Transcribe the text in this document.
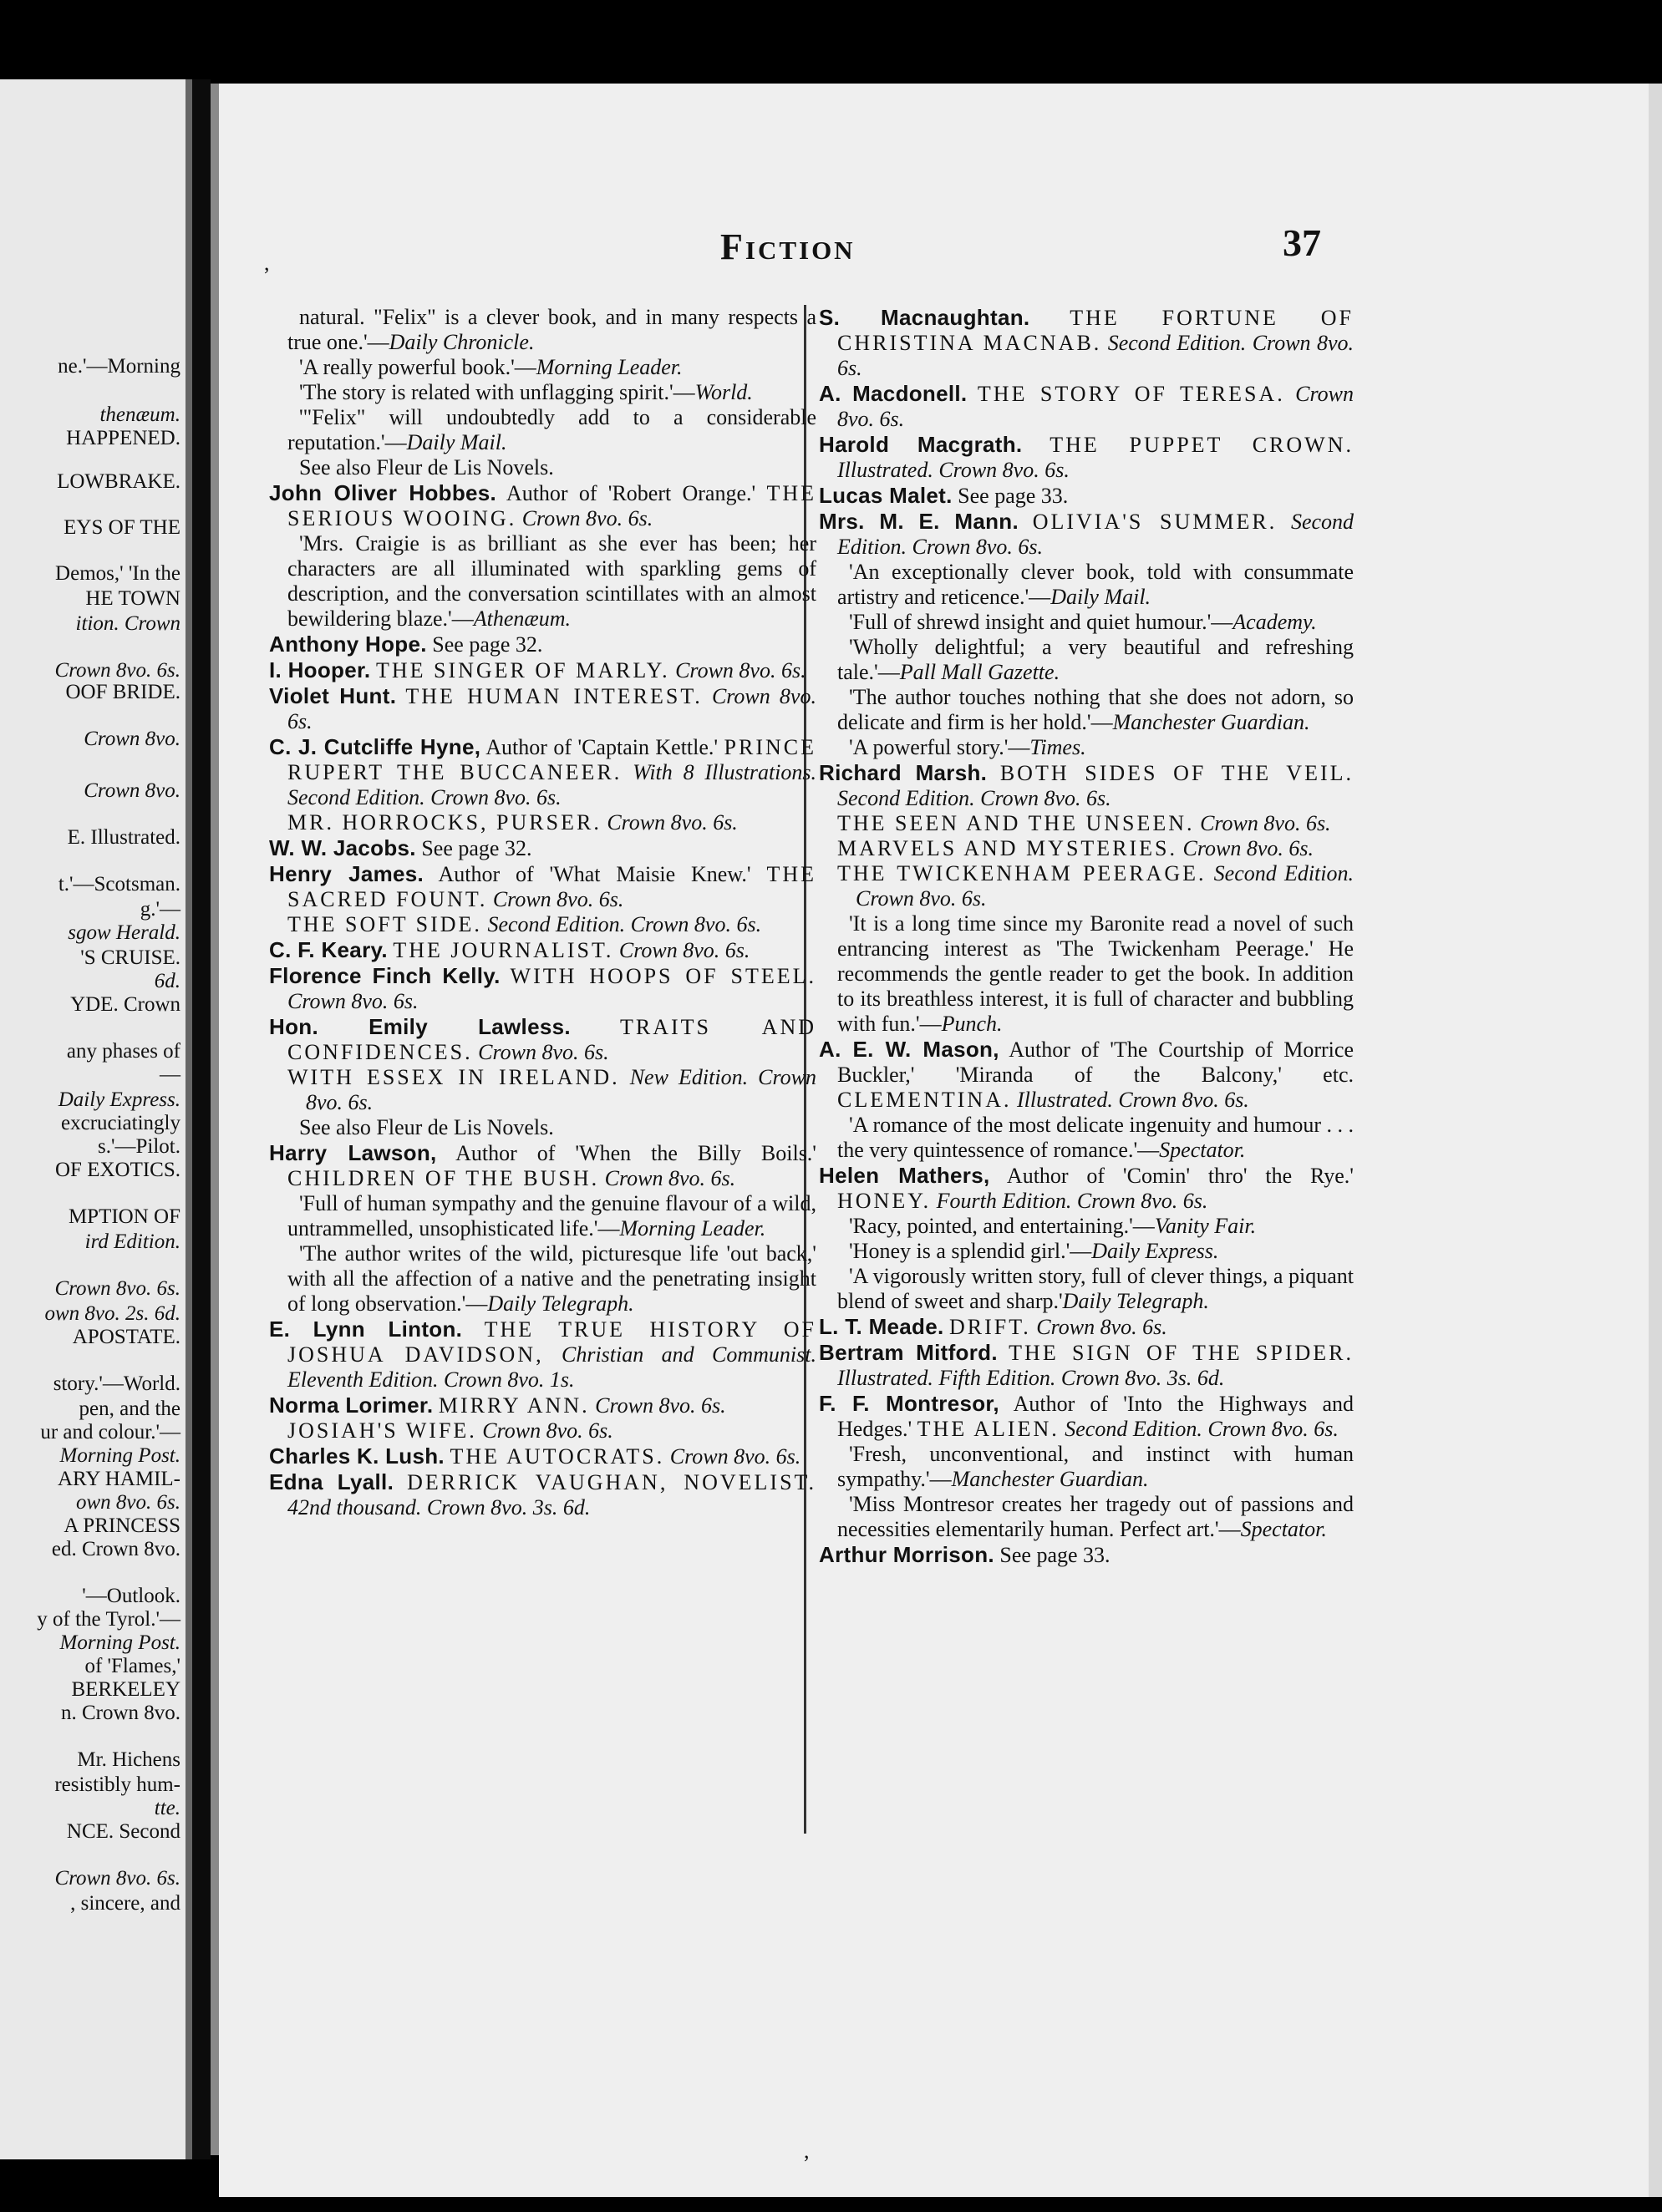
ne.'—Morning
thenæum.
HAPPENED.
LOWBRAKE.
EYS OF THE
Demos,' 'In the
HE TOWN
ition. Crown
Crown 8vo. 6s.
OOF BRIDE.
Crown 8vo.
Crown 8vo.
E. Illustrated.
t.'—Scotsman.
g.'—
sgow Herald.
'S CRUISE.
6d.
YDE. Crown
any phases of
—
Daily Express.
excruciatingly
s.'—Pilot.
OF EXOTICS.
MPTION OF
ird Edition.
Crown 8vo. 6s.
own 8vo. 2s. 6d.
APOSTATE.
story.'—World.
pen, and the
ur and colour.'—
Morning Post.
ARY HAMIL-
own 8vo. 6s.
A PRINCESS
ed. Crown 8vo.
'—Outlook.
y of the Tyrol.'—
Morning Post.
of 'Flames,'
BERKELEY
n. Crown 8vo.
Mr. Hichens
resistibly hum-
tte.
NCE. Second
Crown 8vo. 6s.
, sincere, and
Fiction	37
,
,

natural. "Felix" is a clever book, and in many respects a true one.'—Daily Chronicle.

'A really powerful book.'—Morning Leader.

'The story is related with unflagging spirit.'—World.

'"Felix" will undoubtedly add to a considerable reputation.'—Daily Mail.

See also Fleur de Lis Novels.

John Oliver Hobbes. Author of 'Robert Orange.' THE SERIOUS WOOING. Crown 8vo. 6s.

'Mrs. Craigie is as brilliant as she ever has been; her characters are all illuminated with sparkling gems of description, and the conversation scintillates with an almost bewildering blaze.'—Athenæum.

Anthony Hope. See page 32.

I. Hooper. THE SINGER OF MARLY. Crown 8vo. 6s.

Violet Hunt. THE HUMAN INTEREST. Crown 8vo. 6s.

C. J. Cutcliffe Hyne, Author of 'Captain Kettle.' PRINCE RUPERT THE BUCCANEER. With 8 Illustrations. Second Edition. Crown 8vo. 6s.

MR. HORROCKS, PURSER. Crown 8vo. 6s.

W. W. Jacobs. See page 32.

Henry James. Author of 'What Maisie Knew.' THE SACRED FOUNT. Crown 8vo. 6s.

THE SOFT SIDE. Second Edition. Crown 8vo. 6s.

C. F. Keary. THE JOURNALIST. Crown 8vo. 6s.

Florence Finch Kelly. WITH HOOPS OF STEEL. Crown 8vo. 6s.

Hon. Emily Lawless. TRAITS AND CONFIDENCES. Crown 8vo. 6s.

WITH ESSEX IN IRELAND. New Edition. Crown 8vo. 6s.

See also Fleur de Lis Novels.

Harry Lawson, Author of 'When the Billy Boils.' CHILDREN OF THE BUSH. Crown 8vo. 6s.

'Full of human sympathy and the genuine flavour of a wild, untrammelled, unsophisticated life.'—Morning Leader.

'The author writes of the wild, picturesque life 'out back,' with all the affection of a native and the penetrating insight of long observation.'—Daily Telegraph.

E. Lynn Linton. THE TRUE HISTORY OF JOSHUA DAVIDSON, Christian and Communist. Eleventh Edition. Crown 8vo. 1s.

Norma Lorimer. MIRRY ANN. Crown 8vo. 6s.

JOSIAH'S WIFE. Crown 8vo. 6s.

Charles K. Lush. THE AUTOCRATS. Crown 8vo. 6s.

Edna Lyall. DERRICK VAUGHAN, NOVELIST. 42nd thousand. Crown 8vo. 3s. 6d.

S. Macnaughtan. THE FORTUNE OF CHRISTINA MACNAB. Second Edition. Crown 8vo. 6s.

A. Macdonell. THE STORY OF TERESA. Crown 8vo. 6s.

Harold Macgrath. THE PUPPET CROWN. Illustrated. Crown 8vo. 6s.

Lucas Malet. See page 33.

Mrs. M. E. Mann. OLIVIA'S SUMMER. Second Edition. Crown 8vo. 6s.

'An exceptionally clever book, told with consummate artistry and reticence.'—Daily Mail.

'Full of shrewd insight and quiet humour.'—Academy.

'Wholly delightful; a very beautiful and refreshing tale.'—Pall Mall Gazette.

'The author touches nothing that she does not adorn, so delicate and firm is her hold.'—Manchester Guardian.

'A powerful story.'—Times.

Richard Marsh. BOTH SIDES OF THE VEIL. Second Edition. Crown 8vo. 6s.

THE SEEN AND THE UNSEEN. Crown 8vo. 6s.

MARVELS AND MYSTERIES. Crown 8vo. 6s.

THE TWICKENHAM PEERAGE. Second Edition. Crown 8vo. 6s.

'It is a long time since my Baronite read a novel of such entrancing interest as 'The Twickenham Peerage.' He recommends the gentle reader to get the book. In addition to its breathless interest, it is full of character and bubbling with fun.'—Punch.

A. E. W. Mason, Author of 'The Courtship of Morrice Buckler,' 'Miranda of the Balcony,' etc. CLEMENTINA. Illustrated. Crown 8vo. 6s.

'A romance of the most delicate ingenuity and humour . . . the very quintessence of romance.'—Spectator.

Helen Mathers, Author of 'Comin' thro' the Rye.' HONEY. Fourth Edition. Crown 8vo. 6s.

'Racy, pointed, and entertaining.'—Vanity Fair.

'Honey is a splendid girl.'—Daily Express.

'A vigorously written story, full of clever things, a piquant blend of sweet and sharp.'Daily Telegraph.

L. T. Meade. DRIFT. Crown 8vo. 6s.

Bertram Mitford. THE SIGN OF THE SPIDER. Illustrated. Fifth Edition. Crown 8vo. 3s. 6d.

F. F. Montresor, Author of 'Into the Highways and Hedges.' THE ALIEN. Second Edition. Crown 8vo. 6s.

'Fresh, unconventional, and instinct with human sympathy.'—Manchester Guardian.

'Miss Montresor creates her tragedy out of passions and necessities elementarily human. Perfect art.'—Spectator.

Arthur Morrison. See page 33.
